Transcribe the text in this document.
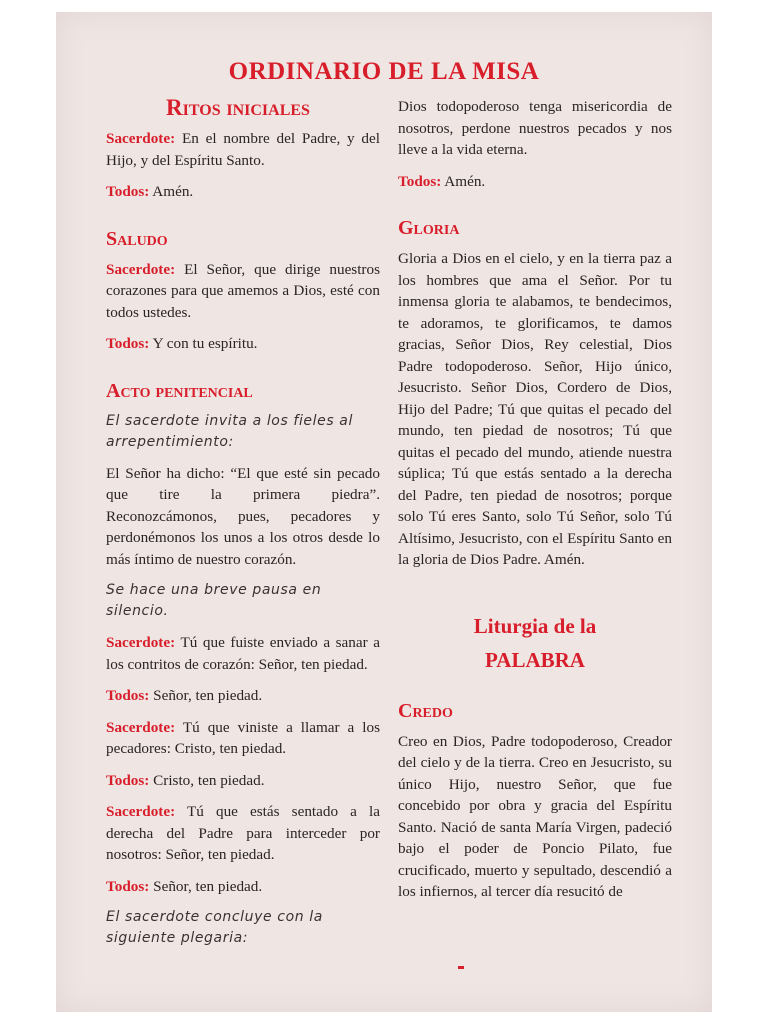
ORDINARIO DE LA MISA
Ritos iniciales

Sacerdote: En el nombre del Padre, y del Hijo, y del Espíritu Santo.

Todos: Amén.

Saludo

Sacerdote: El Señor, que dirige nuestros corazones para que amemos a Dios, esté con todos ustedes.

Todos: Y con tu espíritu.

Acto penitencial

El sacerdote invita a los fieles al arrepentimiento:

El Señor ha dicho: “El que esté sin pecado que tire la primera piedra”. Reconozcámonos, pues, pecadores y perdonémonos los unos a los otros desde lo más íntimo de nuestro corazón.

Se hace una breve pausa en silencio.

Sacerdote: Tú que fuiste enviado a sanar a los contritos de corazón: Señor, ten piedad.

Todos: Señor, ten piedad.

Sacerdote: Tú que viniste a llamar a los pecadores: Cristo, ten piedad.

Todos: Cristo, ten piedad.

Sacerdote: Tú que estás sentado a la derecha del Padre para interceder por nosotros: Señor, ten piedad.

Todos: Señor, ten piedad.

El sacerdote concluye con la siguiente plegaria:

Dios todopoderoso tenga misericordia de nosotros, perdone nuestros pecados y nos lleve a la vida eterna.

Todos: Amén.

Gloria

Gloria a Dios en el cielo, y en la tierra paz a los hombres que ama el Señor. Por tu inmensa gloria te alabamos, te bendecimos, te adoramos, te glorificamos, te damos gracias, Señor Dios, Rey celestial, Dios Padre todopoderoso. Señor, Hijo único, Jesucristo. Señor Dios, Cordero de Dios, Hijo del Padre; Tú que quitas el pecado del mundo, ten piedad de nosotros; Tú que quitas el pecado del mundo, atiende nuestra súplica; Tú que estás sentado a la derecha del Padre, ten piedad de nosotros; porque solo Tú eres Santo, solo Tú Señor, solo Tú Altísimo, Jesucristo, con el Espíritu Santo en la gloria de Dios Padre. Amén.

Liturgia de la
PALABRA
Credo

Creo en Dios, Padre todopoderoso, Creador del cielo y de la tierra. Creo en Jesucristo, su único Hijo, nuestro Señor, que fue concebido por obra y gracia del Espíritu Santo. Nació de santa María Virgen, padeció bajo el poder de Poncio Pilato, fue crucificado, muerto y sepultado, descendió a los infiernos, al tercer día resucitó de
